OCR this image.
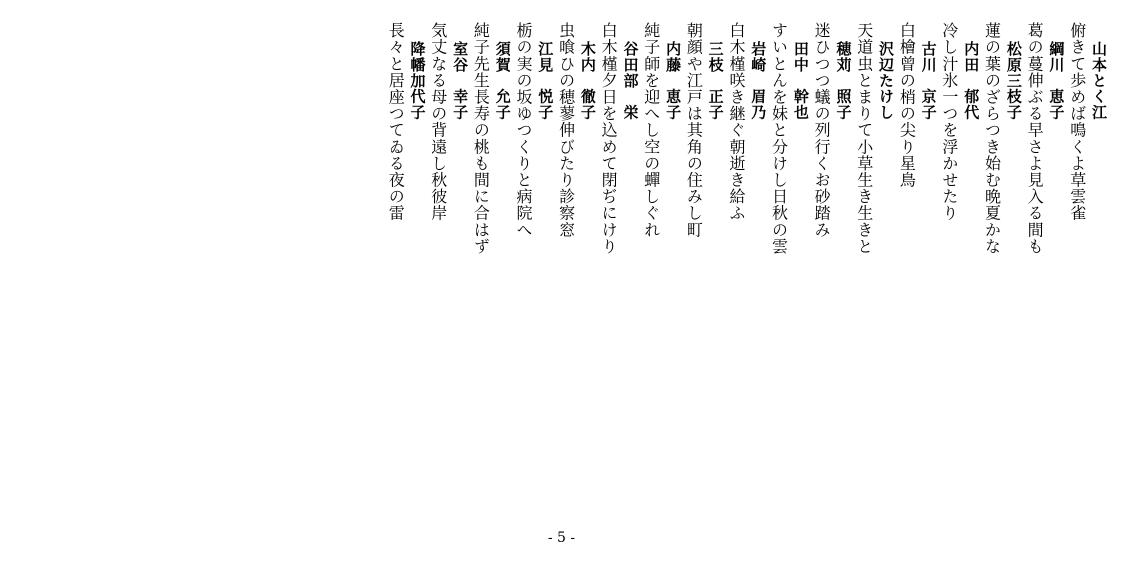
山本とく江
俯きて歩めば鳴くよ草雲雀
綱川　恵子
葛の蔓伸ぶる早さよ見入る間も
松原三枝子
蓮の葉のざらつき始む晩夏かな
内田　郁代
冷し汁氷一つを浮かせたり
古川　京子
白檜曾の梢の尖り星鳥
沢辺たけし
天道虫とまりて小草生き生きと
穂苅　照子
迷ひつつ蟻の列行くお砂踏み
田中　幹也
すいとんを妹と分けし日秋の雲
岩崎　眉乃
白木槿咲き継ぐ朝逝き給ふ
三枝　正子
朝顔や江戸は其角の住みし町
内藤　恵子
純子師を迎へし空の蟬しぐれ
谷田部　栄
白木槿夕日を込めて閉ぢにけり
木内　徹子
虫喰ひの穂蓼伸びたり診察窓
江見　悦子
栃の実の坂ゆつくりと病院へ
須賀　允子
純子先生長寿の桃も間に合はず
室谷　幸子
気丈なる母の背遠し秋彼岸
降幡加代子
長々と居座つてゐる夜の雷
- 5 -
